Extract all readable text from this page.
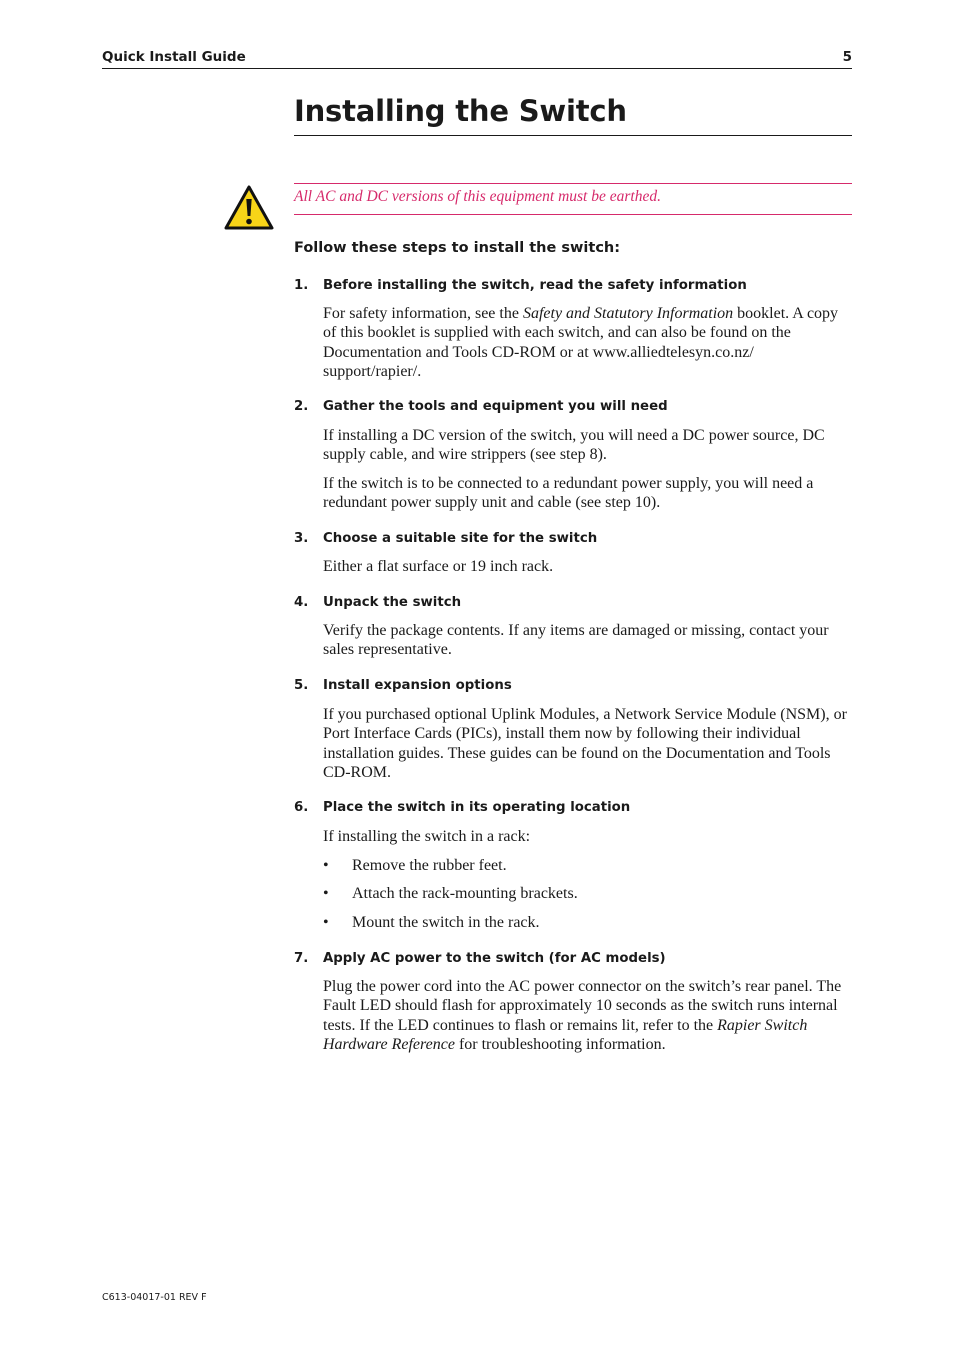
Quick Install Guide	5
Installing the Switch
All AC and DC versions of this equipment must be earthed.
Follow these steps to install the switch:
1. Before installing the switch, read the safety information
For safety information, see the Safety and Statutory Information booklet. A copy of this booklet is supplied with each switch, and can also be found on the Documentation and Tools CD-ROM or at www.alliedtelesyn.co.nz/ support/rapier/.
2. Gather the tools and equipment you will need
If installing a DC version of the switch, you will need a DC power source, DC supply cable, and wire strippers (see step 8).
If the switch is to be connected to a redundant power supply, you will need a redundant power supply unit and cable (see step 10).
3. Choose a suitable site for the switch
Either a flat surface or 19 inch rack.
4. Unpack the switch
Verify the package contents. If any items are damaged or missing, contact your sales representative.
5. Install expansion options
If you purchased optional Uplink Modules, a Network Service Module (NSM), or Port Interface Cards (PICs), install them now by following their individual installation guides. These guides can be found on the Documentation and Tools CD-ROM.
6. Place the switch in its operating location
If installing the switch in a rack:
• Remove the rubber feet.
• Attach the rack-mounting brackets.
• Mount the switch in the rack.
7. Apply AC power to the switch (for AC models)
Plug the power cord into the AC power connector on the switch’s rear panel. The Fault LED should flash for approximately 10 seconds as the switch runs internal tests. If the LED continues to flash or remains lit, refer to the Rapier Switch Hardware Reference for troubleshooting information.
C613-04017-01 REV F
